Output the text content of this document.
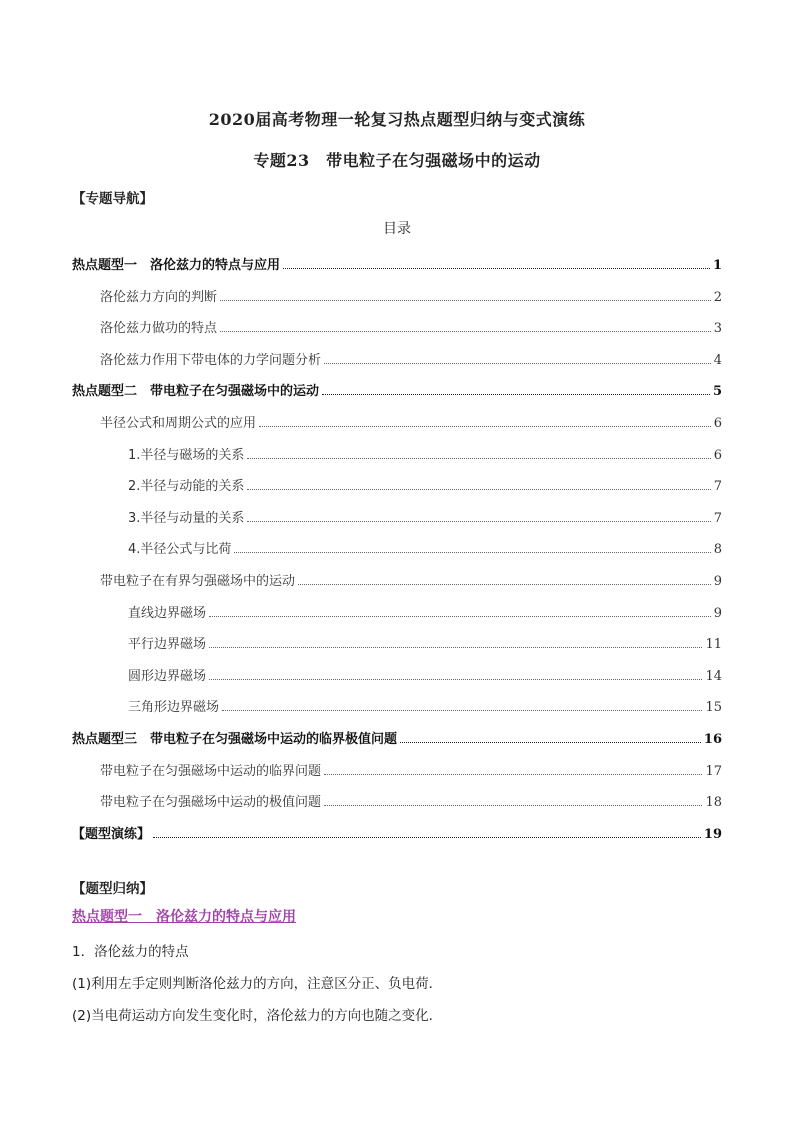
2020届高考物理一轮复习热点题型归纳与变式演练
专题23　带电粒子在匀强磁场中的运动
【专题导航】
目录
热点题型一　洛伦兹力的特点与应用	1
洛伦兹力方向的判断	2
洛伦兹力做功的特点	3
洛伦兹力作用下带电体的力学问题分析	4
热点题型二　带电粒子在匀强磁场中的运动	5
半径公式和周期公式的应用	6
1.半径与磁场的关系	6
2.半径与动能的关系	7
3.半径与动量的关系	7
4.半径公式与比荷	8
带电粒子在有界匀强磁场中的运动	9
直线边界磁场	9
平行边界磁场	11
圆形边界磁场	14
三角形边界磁场	15
热点题型三　带电粒子在匀强磁场中运动的临界极值问题	16
带电粒子在匀强磁场中运动的临界问题	17
带电粒子在匀强磁场中运动的极值问题	18
【题型演练】	19
【题型归纳】
热点题型一　洛伦兹力的特点与应用
1．洛伦兹力的特点
(1)利用左手定则判断洛伦兹力的方向，注意区分正、负电荷．
(2)当电荷运动方向发生变化时，洛伦兹力的方向也随之变化．
